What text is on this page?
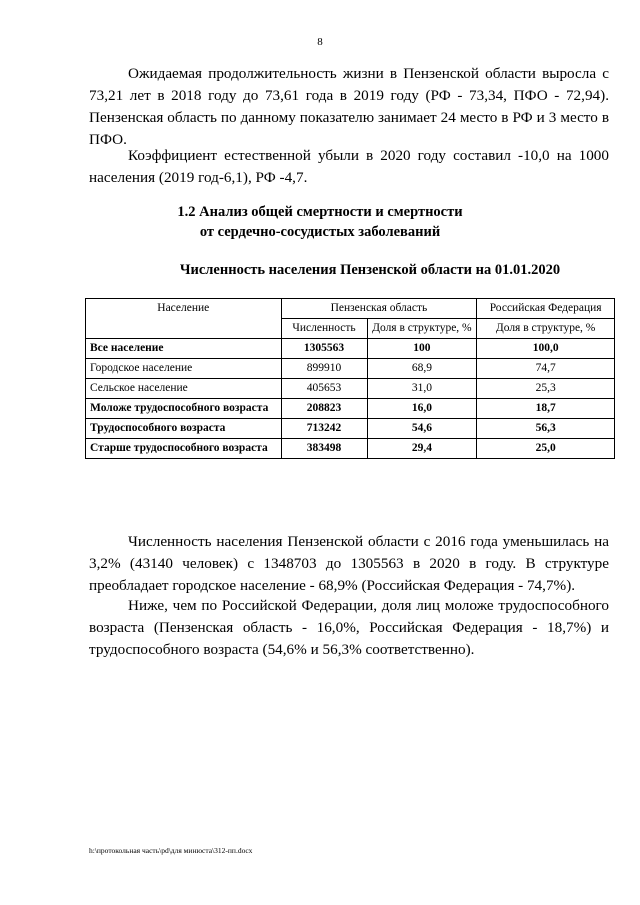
8

Ожидаемая продолжительность жизни в Пензенской области выросла с 73,21 лет в 2018 году до 73,61 года в 2019 году (РФ - 73,34, ПФО - 72,94). Пензенская область по данному показателю занимает 24 место в РФ и 3 место в ПФО.

Коэффициент естественной убыли в 2020 году составил -10,0 на 1000 населения (2019 год-6,1), РФ -4,7.

1.2 Анализ общей смертности и смертности
от сердечно-сосудистых заболеваний
Численность населения Пензенской области на 01.01.2020
Население	Пензенская область		Российская Федерация
	Численность	Доля в структуре, %	Доля в структуре, %
Все население	1305563	100	100,0
Городское население	899910	68,9	74,7
Сельское население	405653	31,0	25,3
Моложе трудоспособного возраста	208823	16,0	18,7
Трудоспособного возраста	713242	54,6	56,3
Старше трудоспособного возраста	383498	29,4	25,0
h:\протокольная часть\pd\для минюста\312-пп.docx

Численность населения Пензенской области с 2016 года уменьшилась на 3,2% (43140 человек) с 1348703 до 1305563 в 2020 в году. В структуре преобладает городское население - 68,9% (Российская Федерация - 74,7%).

Ниже, чем по Российской Федерации, доля лиц моложе трудоспособного возраста (Пензенская область - 16,0%, Российская Федерация - 18,7%) и трудоспособного возраста (54,6% и 56,3% соответственно).
